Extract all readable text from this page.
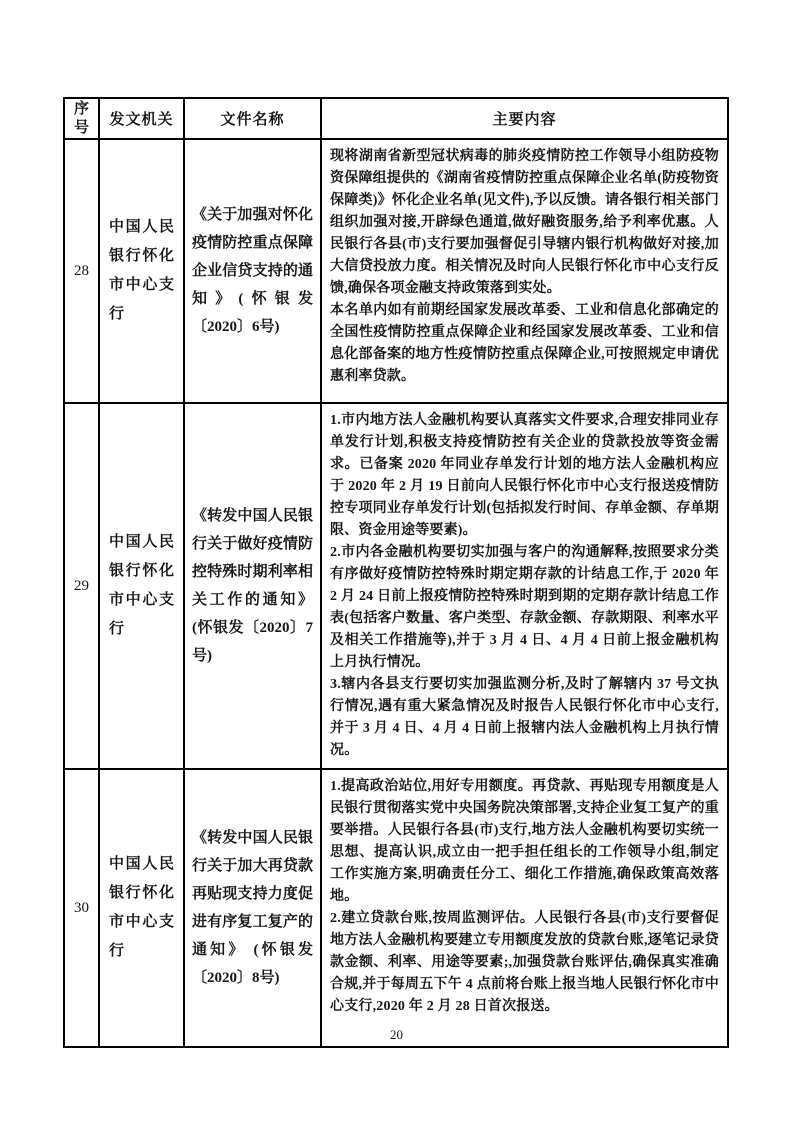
序号	发文机关	文件名称	主要内容
28	中国人民银行怀化市中心支行	《关于加强对怀化疫情防控重点保障企业信贷支持的通知》(怀银发〔2020〕6号)	现将湖南省新型冠状病毒的肺炎疫情防控工作领导小组防疫物资保障组提供的《湖南省疫情防控重点保障企业名单(防疫物资保障类)》怀化企业名单(见文件),予以反馈。请各银行相关部门组织加强对接,开辟绿色通道,做好融资服务,给予利率优惠。人民银行各县(市)支行要加强督促引导辖内银行机构做好对接,加大信贷投放力度。相关情况及时向人民银行怀化市中心支行反馈,确保各项金融支持政策落到实处。

本名单内如有前期经国家发展改革委、工业和信息化部确定的全国性疫情防控重点保障企业和经国家发展改革委、工业和信息化部备案的地方性疫情防控重点保障企业,可按照规定申请优惠利率贷款。

29	中国人民银行怀化市中心支行	《转发中国人民银行关于做好疫情防控特殊时期利率相关工作的通知》(怀银发〔2020〕7号)	1.市内地方法人金融机构要认真落实文件要求,合理安排同业存单发行计划,积极支持疫情防控有关企业的贷款投放等资金需求。已备案 2020 年同业存单发行计划的地方法人金融机构应于 2020 年 2 月 19 日前向人民银行怀化市中心支行报送疫情防控专项同业存单发行计划(包括拟发行时间、存单金额、存单期限、资金用途等要素)。

2.市内各金融机构要切实加强与客户的沟通解释,按照要求分类有序做好疫情防控特殊时期定期存款的计结息工作,于 2020 年 2 月 24 日前上报疫情防控特殊时期到期的定期存款计结息工作表(包括客户数量、客户类型、存款金额、存款期限、利率水平及相关工作措施等),并于 3 月 4 日、4 月 4 日前上报金融机构上月执行情况。

3.辖内各县支行要切实加强监测分析,及时了解辖内 37 号文执行情况,遇有重大紧急情况及时报告人民银行怀化市中心支行,并于 3 月 4 日、4 月 4 日前上报辖内法人金融机构上月执行情况。

30	中国人民银行怀化市中心支行	《转发中国人民银行关于加大再贷款再贴现支持力度促进有序复工复产的通知》 (怀银发〔2020〕8号)	1.提高政治站位,用好专用额度。再贷款、再贴现专用额度是人民银行贯彻落实党中央国务院决策部署,支持企业复工复产的重要举措。人民银行各县(市)支行,地方法人金融机构要切实统一思想、提高认识,成立由一把手担任组长的工作领导小组,制定工作实施方案,明确责任分工、细化工作措施,确保政策高效落地。

2.建立贷款台账,按周监测评估。人民银行各县(市)支行要督促地方法人金融机构要建立专用额度发放的贷款台账,逐笔记录贷款金额、利率、用途等要素;,加强贷款台账评估,确保真实准确合规,并于每周五下午 4 点前将台账上报当地人民银行怀化市中心支行,2020 年 2 月 28 日首次报送。

20
